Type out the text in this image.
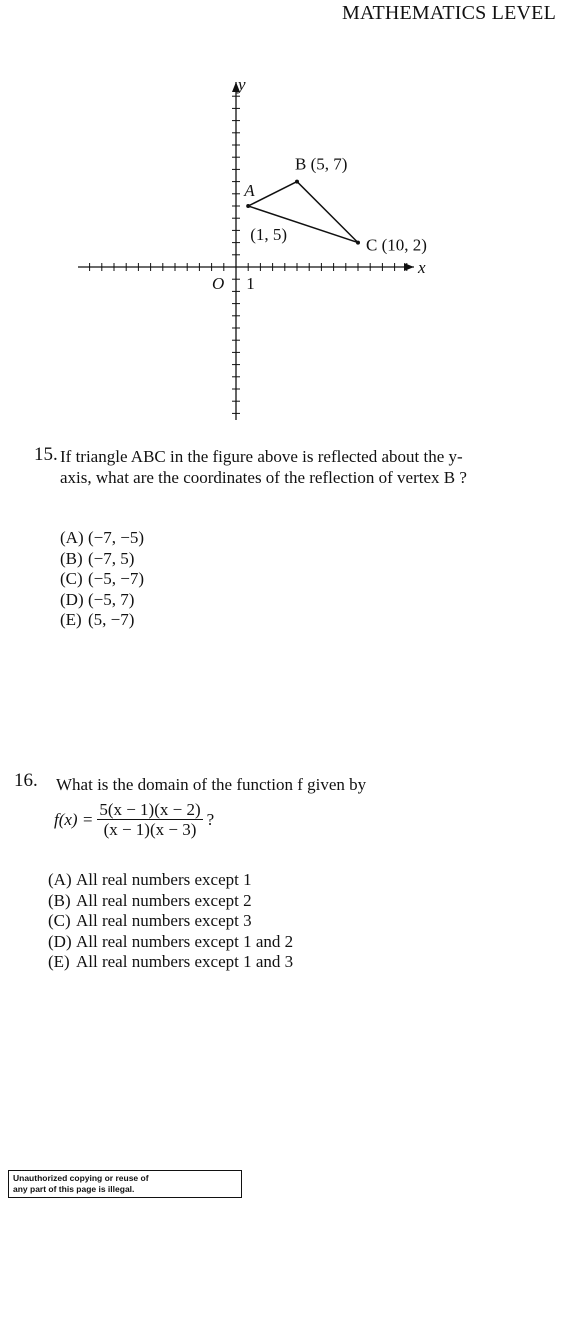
MATHEMATICS LEVEL
y
x
O 1
A
(1, 5)
B (5, 7)
C (10, 2)
15. If triangle ABC in the figure above is reflected about the y-axis, what are the coordinates of the reflection of vertex B ?
(A) (−7, −5)
(B) (−7, 5)
(C) (−5, −7)
(D) (−5, 7)
(E) (5, −7)
16. What is the domain of the function f given by
(A) All real numbers except 1
(B) All real numbers except 2
(C) All real numbers except 3
(D) All real numbers except 1 and 2
(E) All real numbers except 1 and 3
$f(x) = \frac{5(x - 1)(x - 2)}{(x - 1)(x - 3)}$ ?
Unauthorized copying or reuse of
any part of this page is illegal.
